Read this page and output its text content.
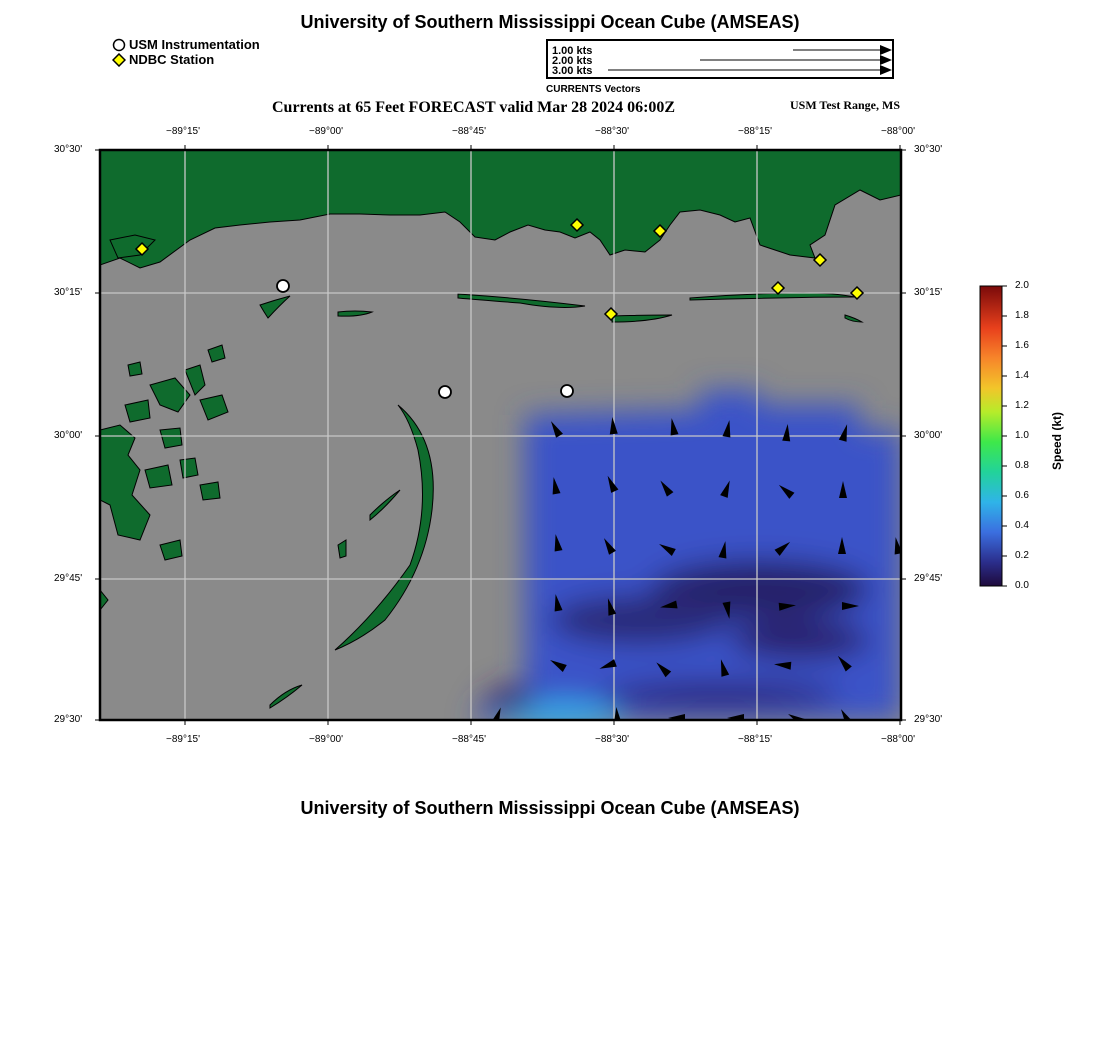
University of Southern Mississippi Ocean Cube (AMSEAS)
USM Instrumentation
NDBC Station
1.00 kts
2.00 kts
3.00 kts
CURRENTS Vectors
Currents at 65 Feet FORECAST valid Mar 28 2024 06:00Z	USM Test Range, MS
−89°15'	−89°00'	−88°45'	−88°30'	−88°15'	−88°00'
−89°15'	−89°00'	−88°45'	−88°30'	−88°15'	−88°00'
30°30'
30°15'
30°00'
29°45'
29°30'
30°30'
30°15'
30°00'
29°45'
29°30'
2.0
1.8
1.6
1.4
1.2
1.0
0.8
0.6
0.4
0.2
0.0
Speed (kt)
University of Southern Mississippi Ocean Cube (AMSEAS)
